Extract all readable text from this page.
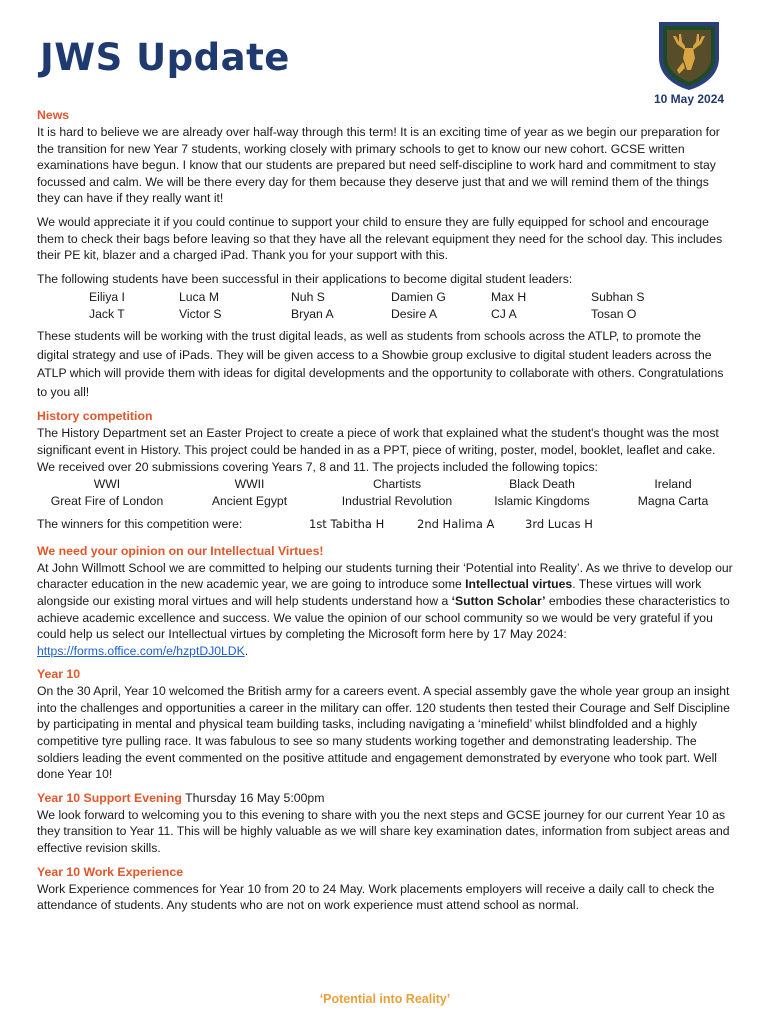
JWS Update
10 May 2024
News

It is hard to believe we are already over half-way through this term! It is an exciting time of year as we begin our preparation for the transition for new Year 7 students, working closely with primary schools to get to know our new cohort. GCSE written examinations have begun. I know that our students are prepared but need self-discipline to work hard and commitment to stay focussed and calm. We will be there every day for them because they deserve just that and we will remind them of the things they can have if they really want it!

We would appreciate it if you could continue to support your child to ensure they are fully equipped for school and encourage them to check their bags before leaving so that they have all the relevant equipment they need for the school day. This includes their PE kit, blazer and a charged iPad. Thank you for your support with this.

The following students have been successful in their applications to become digital student leaders:
Eiliya I	Luca M	Nuh S	Damien G	Max H	Subhan S
Jack T	Victor S	Bryan A	Desire A	CJ A	Tosan O

These students will be working with the trust digital leads, as well as students from schools across the ATLP, to promote the digital strategy and use of iPads. They will be given access to a Showbie group exclusive to digital student leaders across the ATLP which will provide them with ideas for digital developments and the opportunity to collaborate with others. Congratulations to you all!

History competition
The History Department set an Easter Project to create a piece of work that explained what the student's thought was the most significant event in History. This project could be handed in as a PPT, piece of writing, poster, model, booklet, leaflet and cake. We received over 20 submissions covering Years 7, 8 and 11. The projects included the following topics:
WWI	WWII	Chartists	Black Death	Ireland
Great Fire of London	Ancient Egypt	Industrial Revolution	Islamic Kingdoms	Magna Carta
The winners for this competition were:	1st Tabitha H	2nd Halima A	3rd Lucas H
We need your opinion on our Intellectual Virtues!

At John Willmott School we are committed to helping our students turning their ‘Potential into Reality’. As we thrive to develop our character education in the new academic year, we are going to introduce some Intellectual virtues. These virtues will work alongside our existing moral virtues and will help students understand how a ‘Sutton Scholar’ embodies these characteristics to achieve academic excellence and success. We value the opinion of our school community so we would be very grateful if you could help us select our Intellectual virtues by completing the Microsoft form here by 17 May 2024: https://forms.office.com/e/hzptDJ0LDK.

Year 10

On the 30 April, Year 10 welcomed the British army for a careers event. A special assembly gave the whole year group an insight into the challenges and opportunities a career in the military can offer. 120 students then tested their Courage and Self Discipline by participating in mental and physical team building tasks, including navigating a ‘minefield’ whilst blindfolded and a highly competitive tyre pulling race. It was fabulous to see so many students working together and demonstrating leadership. The soldiers leading the event commented on the positive attitude and engagement demonstrated by everyone who took part. Well done Year 10!

Year 10 Support Evening Thursday 16 May 5:00pm

We look forward to welcoming you to this evening to share with you the next steps and GCSE journey for our current Year 10 as they transition to Year 11. This will be highly valuable as we will share key examination dates, information from subject areas and effective revision skills.

Year 10 Work Experience

Work Experience commences for Year 10 from 20 to 24 May. Work placements employers will receive a daily call to check the attendance of students. Any students who are not on work experience must attend school as normal.

‘Potential into Reality’
